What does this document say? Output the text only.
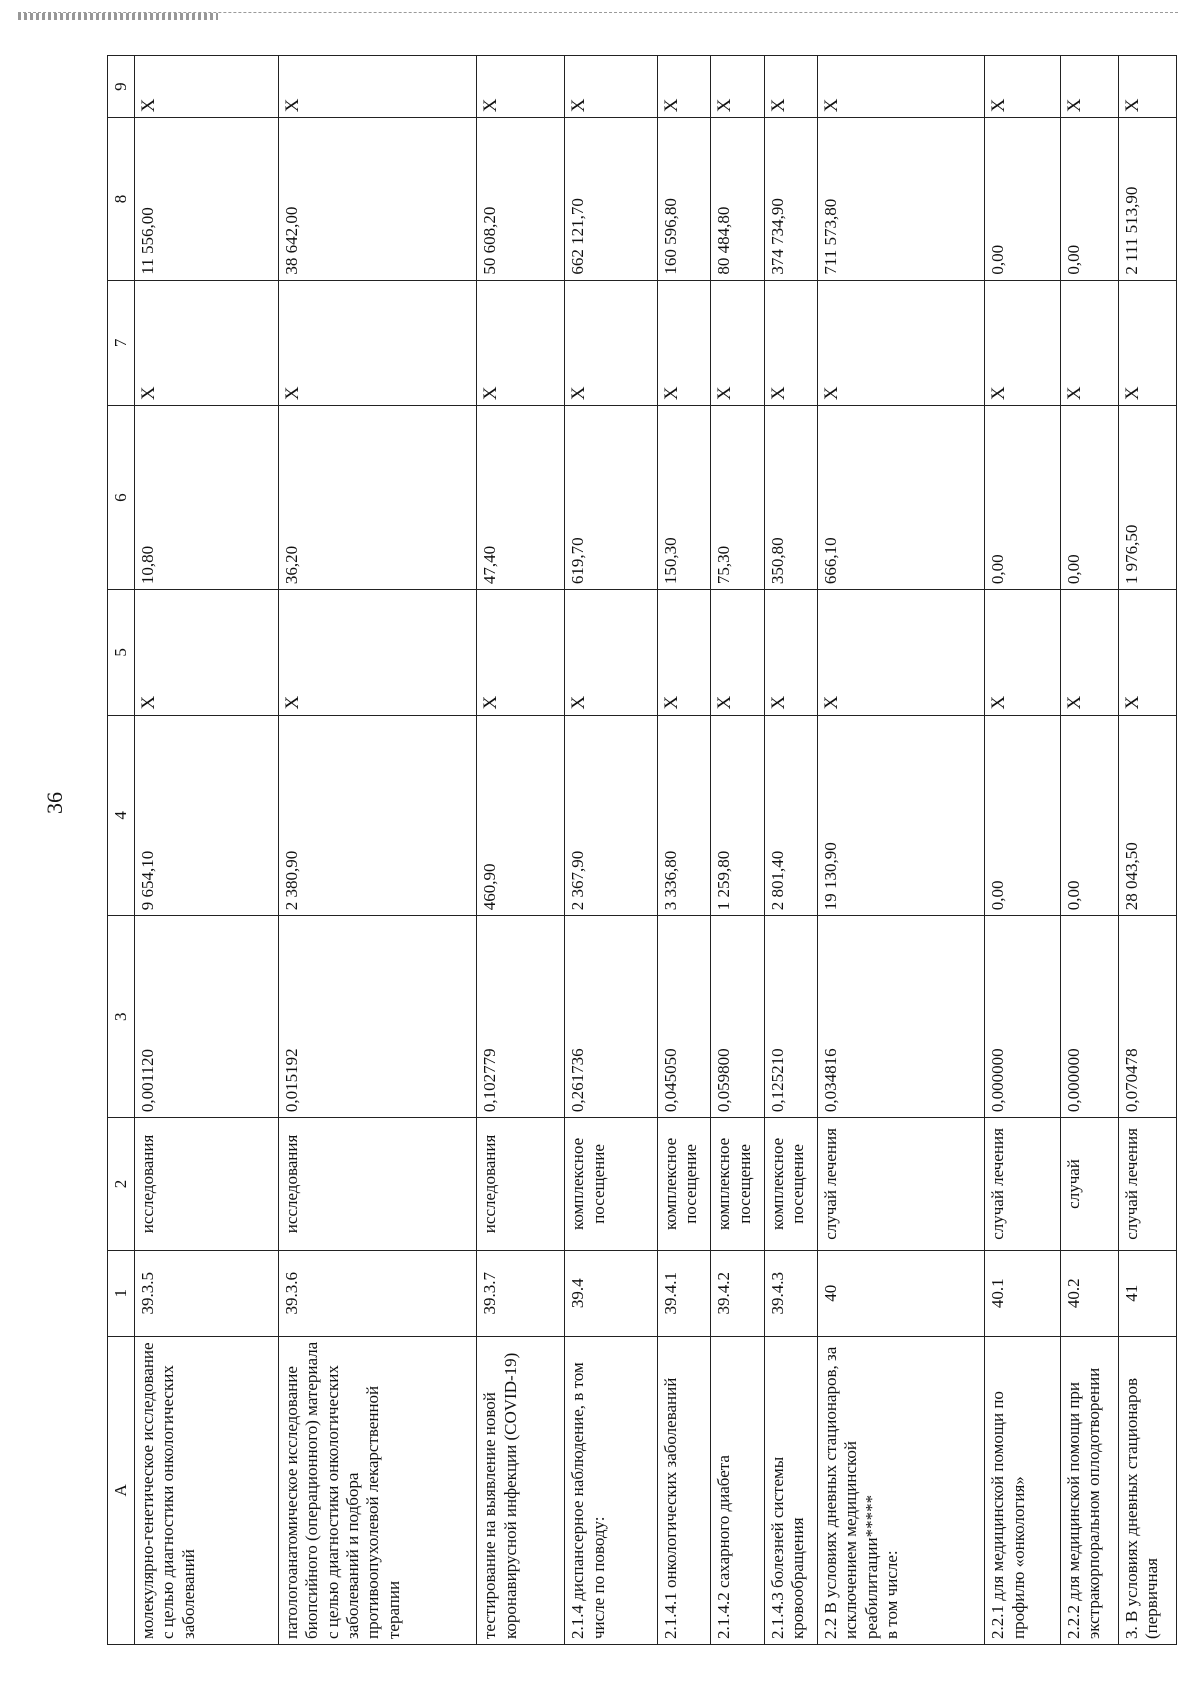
36
A	1	2	3	4	5	6	7	8	9
молекулярно-генетическое исследование с целью диагностики онкологических заболеваний	39.3.5	исследования	0,001120	9 654,10	X	10,80	X	11 556,00	X
патологоанатомическое исследование биопсийного (операционного) материала с целью диагностики онкологических заболеваний и подбора противоопухолевой лекарственной терапии	39.3.6	исследования	0,015192	2 380,90	X	36,20	X	38 642,00	X
тестирование на выявление новой коронавирусной инфекции (COVID-19)	39.3.7	исследования	0,102779	460,90	X	47,40	X	50 608,20	X
2.1.4 диспансерное наблюдение, в том числе по поводу:	39.4	комплексное посещение	0,261736	2 367,90	X	619,70	X	662 121,70	X
2.1.4.1 онкологических заболеваний	39.4.1	комплексное посещение	0,045050	3 336,80	X	150,30	X	160 596,80	X
2.1.4.2 сахарного диабета	39.4.2	комплексное посещение	0,059800	1 259,80	X	75,30	X	80 484,80	X
2.1.4.3 болезней системы кровообращения	39.4.3	комплексное посещение	0,125210	2 801,40	X	350,80	X	374 734,90	X
2.2 В условиях дневных стационаров, за исключением медицинской реабилитации*****
в том числе:	40	случай лечения	0,034816	19 130,90	X	666,10	X	711 573,80	X
2.2.1 для медицинской помощи по профилю «онкология»	40.1	случай лечения	0,000000	0,00	X	0,00	X	0,00	X
2.2.2 для медицинской помощи при экстракорпоральном оплодотворении	40.2	случай	0,000000	0,00	X	0,00	X	0,00	X
3. В условиях дневных стационаров (первичная	41	случай лечения	0,070478	28 043,50	X	1 976,50	X	2 111 513,90	X
